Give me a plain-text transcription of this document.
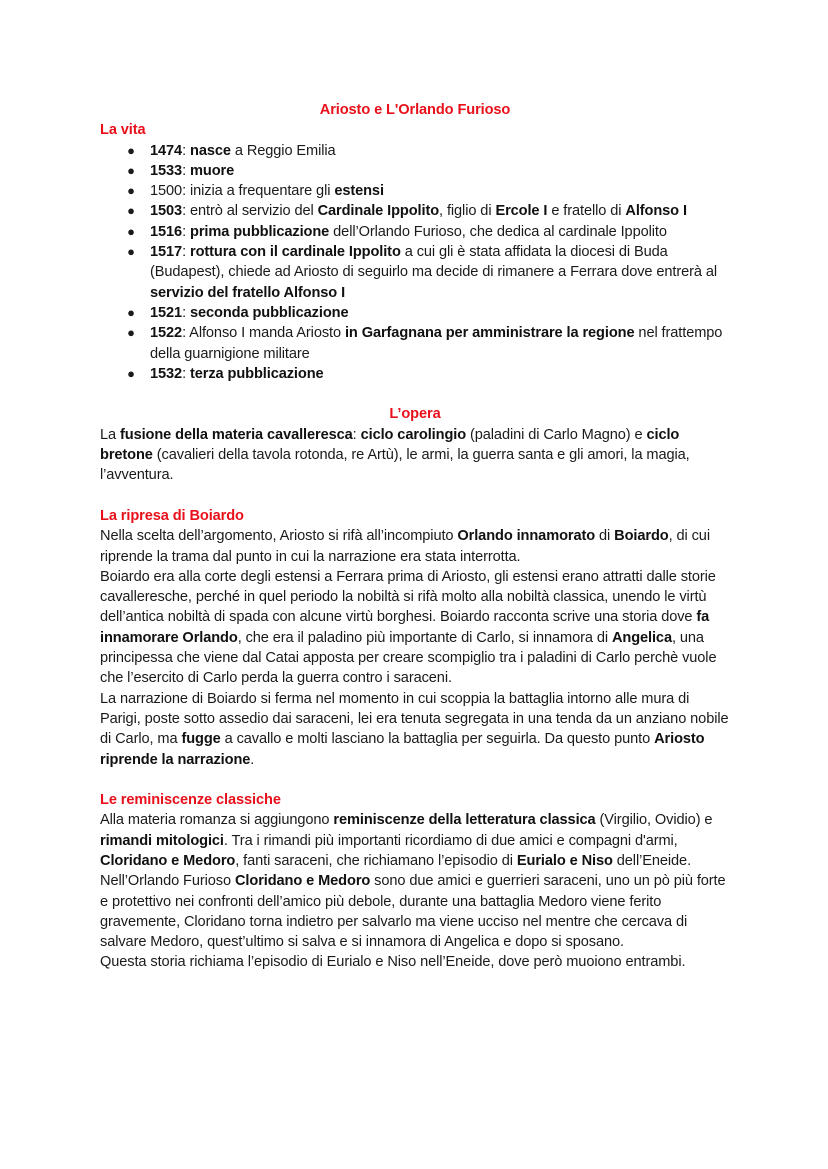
Ariosto e L'Orlando Furioso

La vita

● 1474: nasce a Reggio Emilia
● 1533: muore
● 1500: inizia a frequentare gli estensi
● 1503: entrò al servizio del Cardinale Ippolito, figlio di Ercole I e fratello di Alfonso I
● 1516: prima pubblicazione dell’Orlando Furioso, che dedica al cardinale Ippolito
● 1517: rottura con il cardinale Ippolito a cui gli è stata affidata la diocesi di Buda (Budapest), chiede ad Ariosto di seguirlo ma decide di rimanere a Ferrara dove entrerà al servizio del fratello Alfonso I
● 1521: seconda pubblicazione
● 1522: Alfonso I manda Ariosto in Garfagnana per amministrare la regione nel frattempo della guarnigione militare
● 1532: terza pubblicazione

L’opera

La fusione della materia cavalleresca: ciclo carolingio (paladini di Carlo Magno) e ciclo bretone (cavalieri della tavola rotonda, re Artù), le armi, la guerra santa e gli amori, la magia, l’avventura.

La ripresa di Boiardo

Nella scelta dell’argomento, Ariosto si rifà all’incompiuto Orlando innamorato di Boiardo, di cui riprende la trama dal punto in cui la narrazione era stata interrotta.

Boiardo era alla corte degli estensi a Ferrara prima di Ariosto, gli estensi erano attratti dalle storie cavalleresche, perché in quel periodo la nobiltà si rifà molto alla nobiltà classica, unendo le virtù dell’antica nobiltà di spada con alcune virtù borghesi. Boiardo racconta scrive una storia dove fa innamorare Orlando, che era il paladino più importante di Carlo, si innamora di Angelica, una principessa che viene dal Catai apposta per creare scompiglio tra i paladini di Carlo perchè vuole che l’esercito di Carlo perda la guerra contro i saraceni.

La narrazione di Boiardo si ferma nel momento in cui scoppia la battaglia intorno alle mura di Parigi, poste sotto assedio dai saraceni, lei era tenuta segregata in una tenda da un anziano nobile di Carlo, ma fugge a cavallo e molti lasciano la battaglia per seguirla. Da questo punto Ariosto riprende la narrazione.

Le reminiscenze classiche

Alla materia romanza si aggiungono reminiscenze della letteratura classica (Virgilio, Ovidio) e rimandi mitologici. Tra i rimandi più importanti ricordiamo di due amici e compagni d'armi, Cloridano e Medoro, fanti saraceni, che richiamano l’episodio di Eurialo e Niso dell’Eneide. Nell’Orlando Furioso Cloridano e Medoro sono due amici e guerrieri saraceni, uno un pò più forte e protettivo nei confronti dell’amico più debole, durante una battaglia Medoro viene ferito gravemente, Cloridano torna indietro per salvarlo ma viene ucciso nel mentre che cercava di salvare Medoro, quest’ultimo si salva e si innamora di Angelica e dopo si sposano.

Questa storia richiama l’episodio di Eurialo e Niso nell’Eneide, dove però muoiono entrambi.
